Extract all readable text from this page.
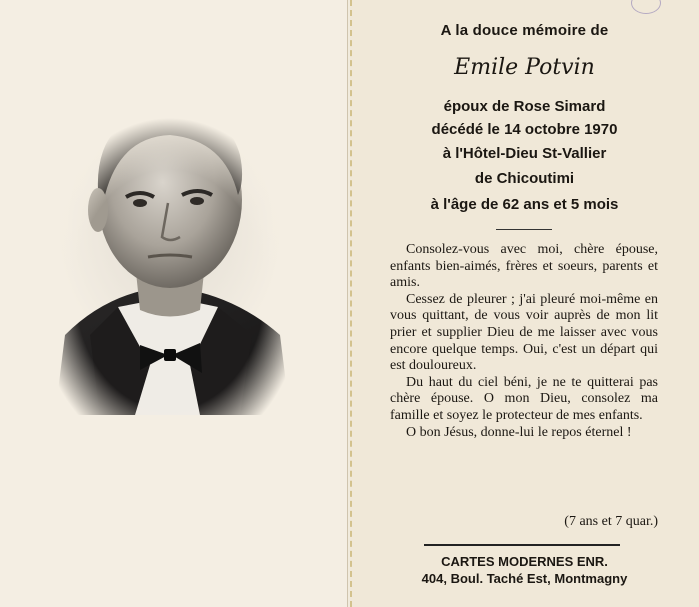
A la douce mémoire de
Emile Potvin
époux de Rose Simard
décédé le 14 octobre 1970
à l'Hôtel-Dieu St-Vallier
de Chicoutimi
à l'âge de 62 ans et 5 mois

Consolez-vous avec moi, chère épouse, enfants bien-aimés, frères et soeurs, parents et amis.

Cessez de pleurer ; j'ai pleuré moi-même en vous quittant, de vous voir auprès de mon lit prier et supplier Dieu de me laisser avec vous encore quelque temps. Oui, c'est un départ qui est douloureux.

Du haut du ciel béni, je ne te quitterai pas chère épouse. O mon Dieu, consolez ma famille et soyez le protecteur de mes enfants.

O bon Jésus, donne-lui le repos éternel !

(7 ans et 7 quar.)
CARTES MODERNES ENR.
404, Boul. Taché Est, Montmagny
